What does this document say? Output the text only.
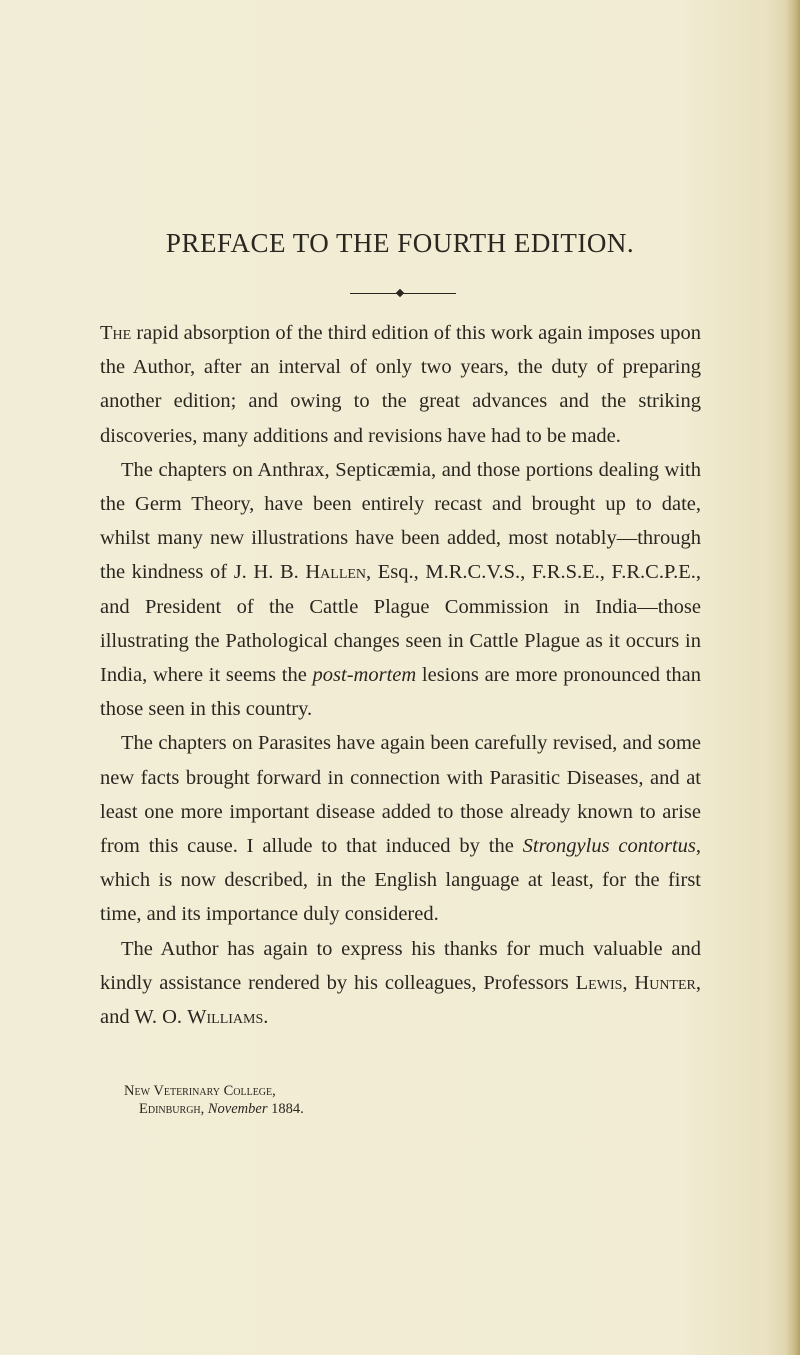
PREFACE TO THE FOURTH EDITION.

The rapid absorption of the third edition of this work again imposes upon the Author, after an interval of only two years, the duty of preparing another edition; and owing to the great advances and the striking discoveries, many additions and revisions have had to be made.

The chapters on Anthrax, Septicæmia, and those portions dealing with the Germ Theory, have been entirely recast and brought up to date, whilst many new illustrations have been added, most notably—through the kindness of J. H. B. Hallen, Esq., M.R.C.V.S., F.R.S.E., F.R.C.P.E., and President of the Cattle Plague Commission in India—those illustrating the Pathological changes seen in Cattle Plague as it occurs in India, where it seems the post-mortem lesions are more pronounced than those seen in this country.

The chapters on Parasites have again been carefully revised, and some new facts brought forward in connection with Parasitic Diseases, and at least one more important disease added to those already known to arise from this cause. I allude to that induced by the Strongylus contortus, which is now described, in the English language at least, for the first time, and its importance duly considered.

The Author has again to express his thanks for much valuable and kindly assistance rendered by his colleagues, Professors Lewis, Hunter, and W. O. Williams.

New Veterinary College,
Edinburgh, November 1884.
